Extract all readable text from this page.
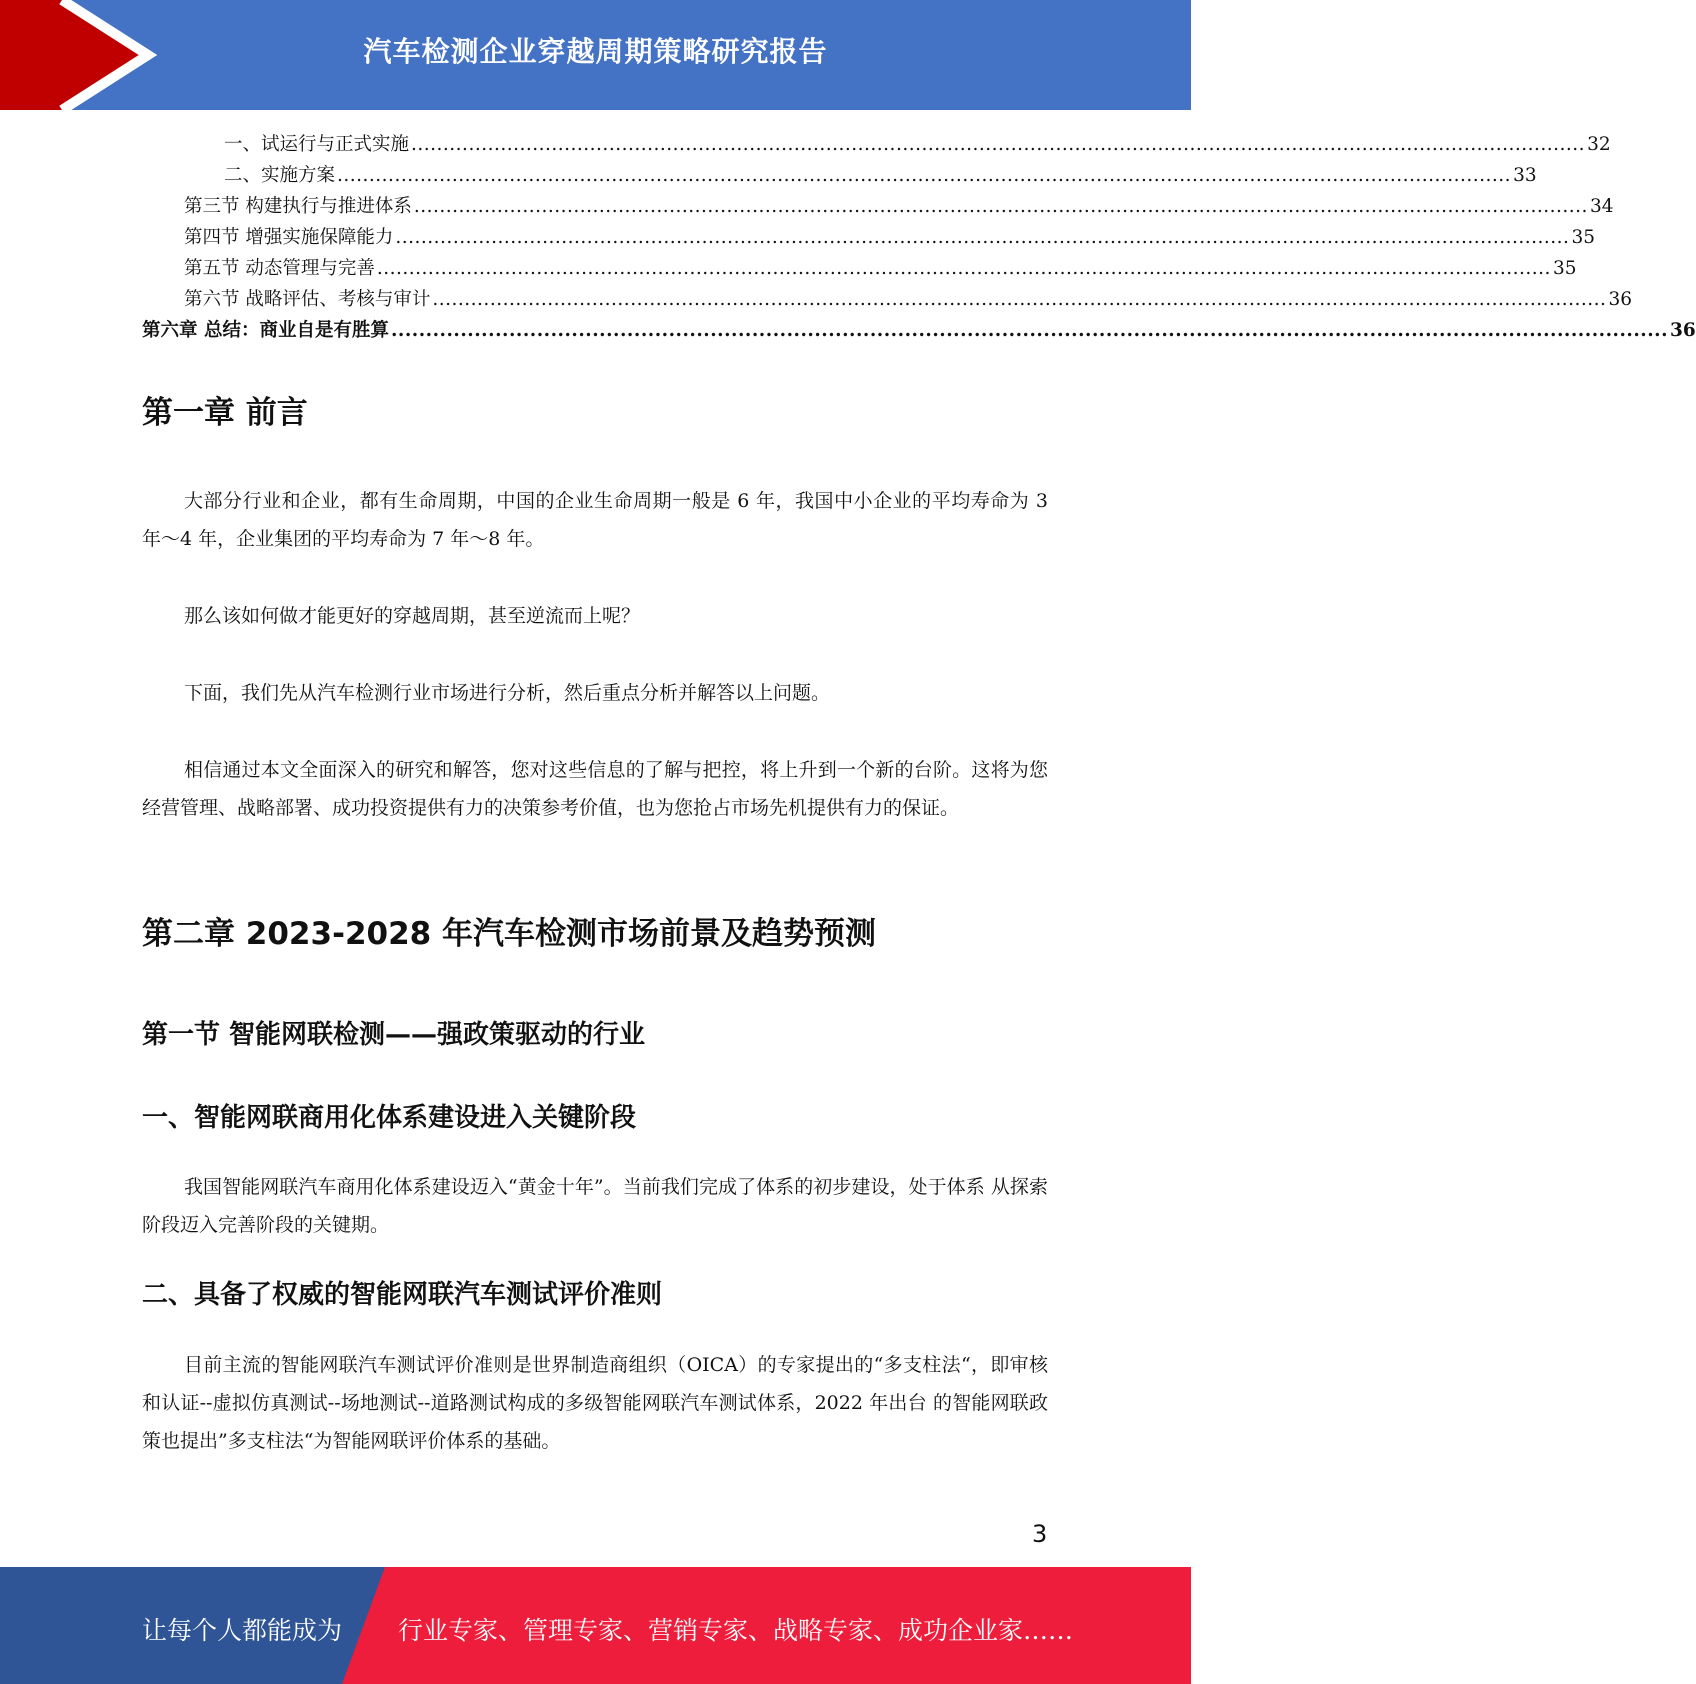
汽车检测企业穿越周期策略研究报告
一、试运行与正式实施 ........................................................................................................................................................................................ 32
二、实施方案 ........................................................................................................................................................................................ 33
第三节 构建执行与推进体系 ........................................................................................................................................................................................ 34
第四节 增强实施保障能力 ........................................................................................................................................................................................ 35
第五节 动态管理与完善 ........................................................................................................................................................................................ 35
第六节 战略评估、考核与审计 ........................................................................................................................................................................................ 36
第六章 总结：商业自是有胜算 ........................................................................................................................................................................................ 36
第一章 前言

大部分行业和企业，都有生命周期，中国的企业生命周期一般是 6 年，我国中小企业的平均寿命为 3 年～4 年，企业集团的平均寿命为 7 年～8 年。

那么该如何做才能更好的穿越周期，甚至逆流而上呢？

下面，我们先从汽车检测行业市场进行分析，然后重点分析并解答以上问题。

相信通过本文全面深入的研究和解答，您对这些信息的了解与把控，将上升到一个新的台阶。这将为您经营管理、战略部署、成功投资提供有力的决策参考价值，也为您抢占市场先机提供有力的保证。

第二章 2023-2028 年汽车检测市场前景及趋势预测
第一节 智能网联检测——强政策驱动的行业
一、智能网联商用化体系建设进入关键阶段

我国智能网联汽车商用化体系建设迈入“黄金十年”。当前我们完成了体系的初步建设，处于体系 从探索阶段迈入完善阶段的关键期。

二、具备了权威的智能网联汽车测试评价准则

目前主流的智能网联汽车测试评价准则是世界制造商组织（OICA）的专家提出的“多支柱法“，即审核和认证--虚拟仿真测试--场地测试--道路测试构成的多级智能网联汽车测试体系，2022 年出台 的智能网联政策也提出”多支柱法“为智能网联评价体系的基础。

3
让每个人都能成为 行业专家、管理专家、营销专家、战略专家、成功企业家……
